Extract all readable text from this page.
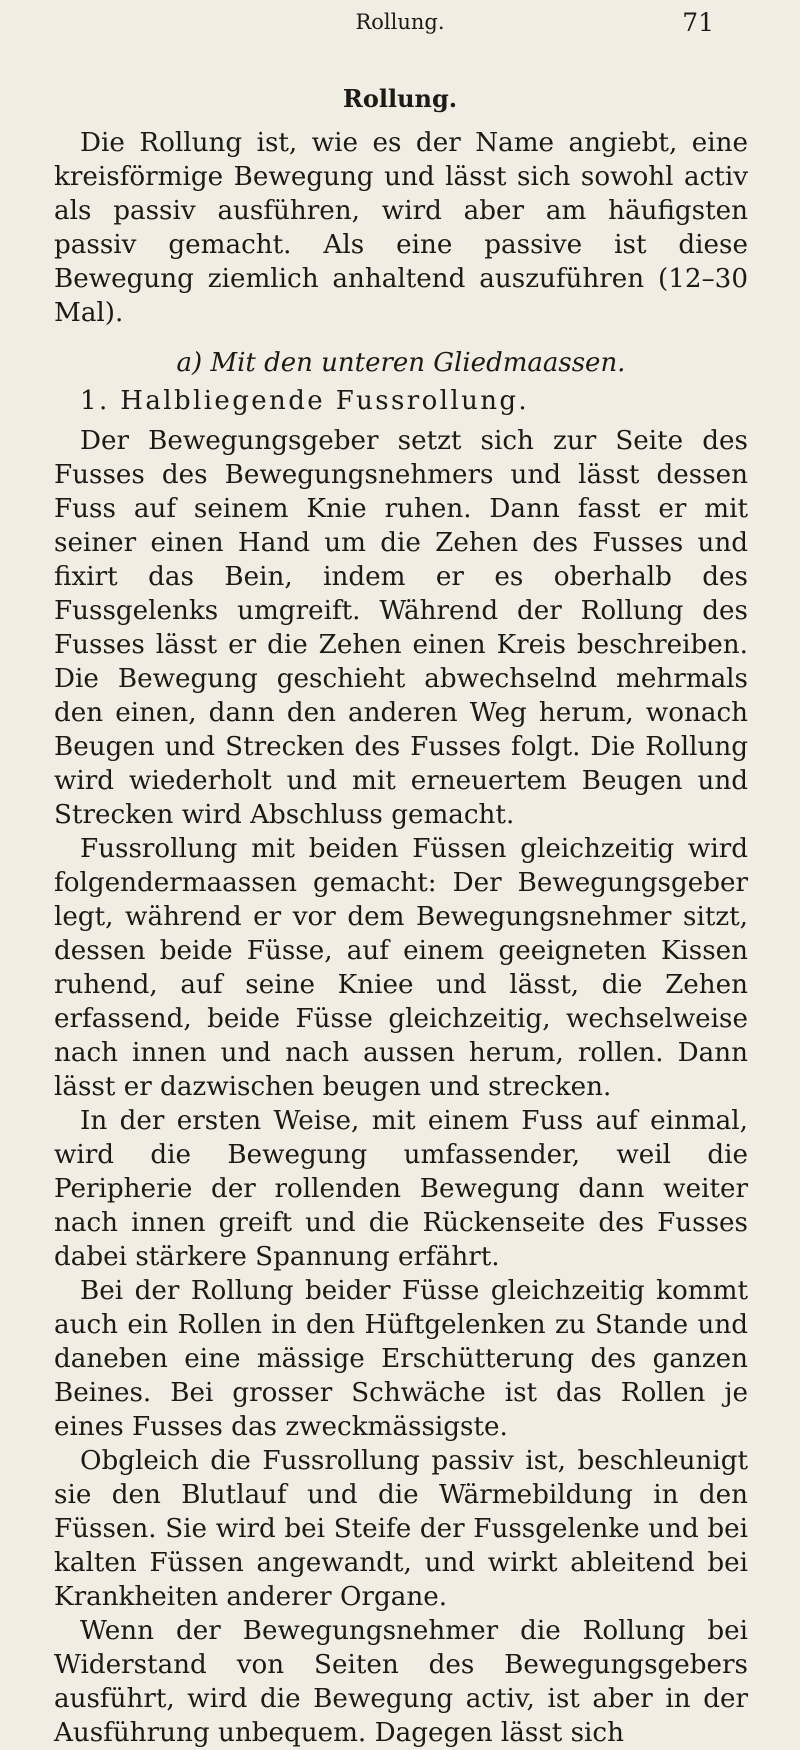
Rollung.	71
Rollung.

Die Rollung ist, wie es der Name angiebt, eine kreisförmige Bewegung und lässt sich sowohl activ als passiv ausführen, wird aber am häufigsten passiv gemacht. Als eine passive ist diese Bewegung ziemlich anhaltend auszuführen (12–30 Mal).

a) Mit den unteren Gliedmaassen.
1. Halbliegende Fussrollung.

Der Bewegungsgeber setzt sich zur Seite des Fusses des Bewegungsnehmers und lässt dessen Fuss auf seinem Knie ruhen. Dann fasst er mit seiner einen Hand um die Zehen des Fusses und fixirt das Bein, indem er es oberhalb des Fussgelenks umgreift. Während der Rollung des Fusses lässt er die Zehen einen Kreis beschreiben. Die Bewegung geschieht abwechselnd mehrmals den einen, dann den anderen Weg herum, wonach Beugen und Strecken des Fusses folgt. Die Rollung wird wiederholt und mit erneuertem Beugen und Strecken wird Abschluss gemacht.

Fussrollung mit beiden Füssen gleichzeitig wird folgendermaassen gemacht: Der Bewegungsgeber legt, während er vor dem Bewegungsnehmer sitzt, dessen beide Füsse, auf einem geeigneten Kissen ruhend, auf seine Kniee und lässt, die Zehen erfassend, beide Füsse gleichzeitig, wechselweise nach innen und nach aussen herum, rollen. Dann lässt er dazwischen beugen und strecken.

In der ersten Weise, mit einem Fuss auf einmal, wird die Bewegung umfassender, weil die Peripherie der rollenden Bewegung dann weiter nach innen greift und die Rückenseite des Fusses dabei stärkere Spannung erfährt.

Bei der Rollung beider Füsse gleichzeitig kommt auch ein Rollen in den Hüftgelenken zu Stande und daneben eine mässige Erschütterung des ganzen Beines. Bei grosser Schwäche ist das Rollen je eines Fusses das zweckmässigste.

Obgleich die Fussrollung passiv ist, beschleunigt sie den Blutlauf und die Wärmebildung in den Füssen. Sie wird bei Steife der Fussgelenke und bei kalten Füssen angewandt, und wirkt ableitend bei Krankheiten anderer Organe.

Wenn der Bewegungsnehmer die Rollung bei Widerstand von Seiten des Bewegungsgebers ausführt, wird die Bewegung activ, ist aber in der Ausführung unbequem. Dagegen lässt sich
